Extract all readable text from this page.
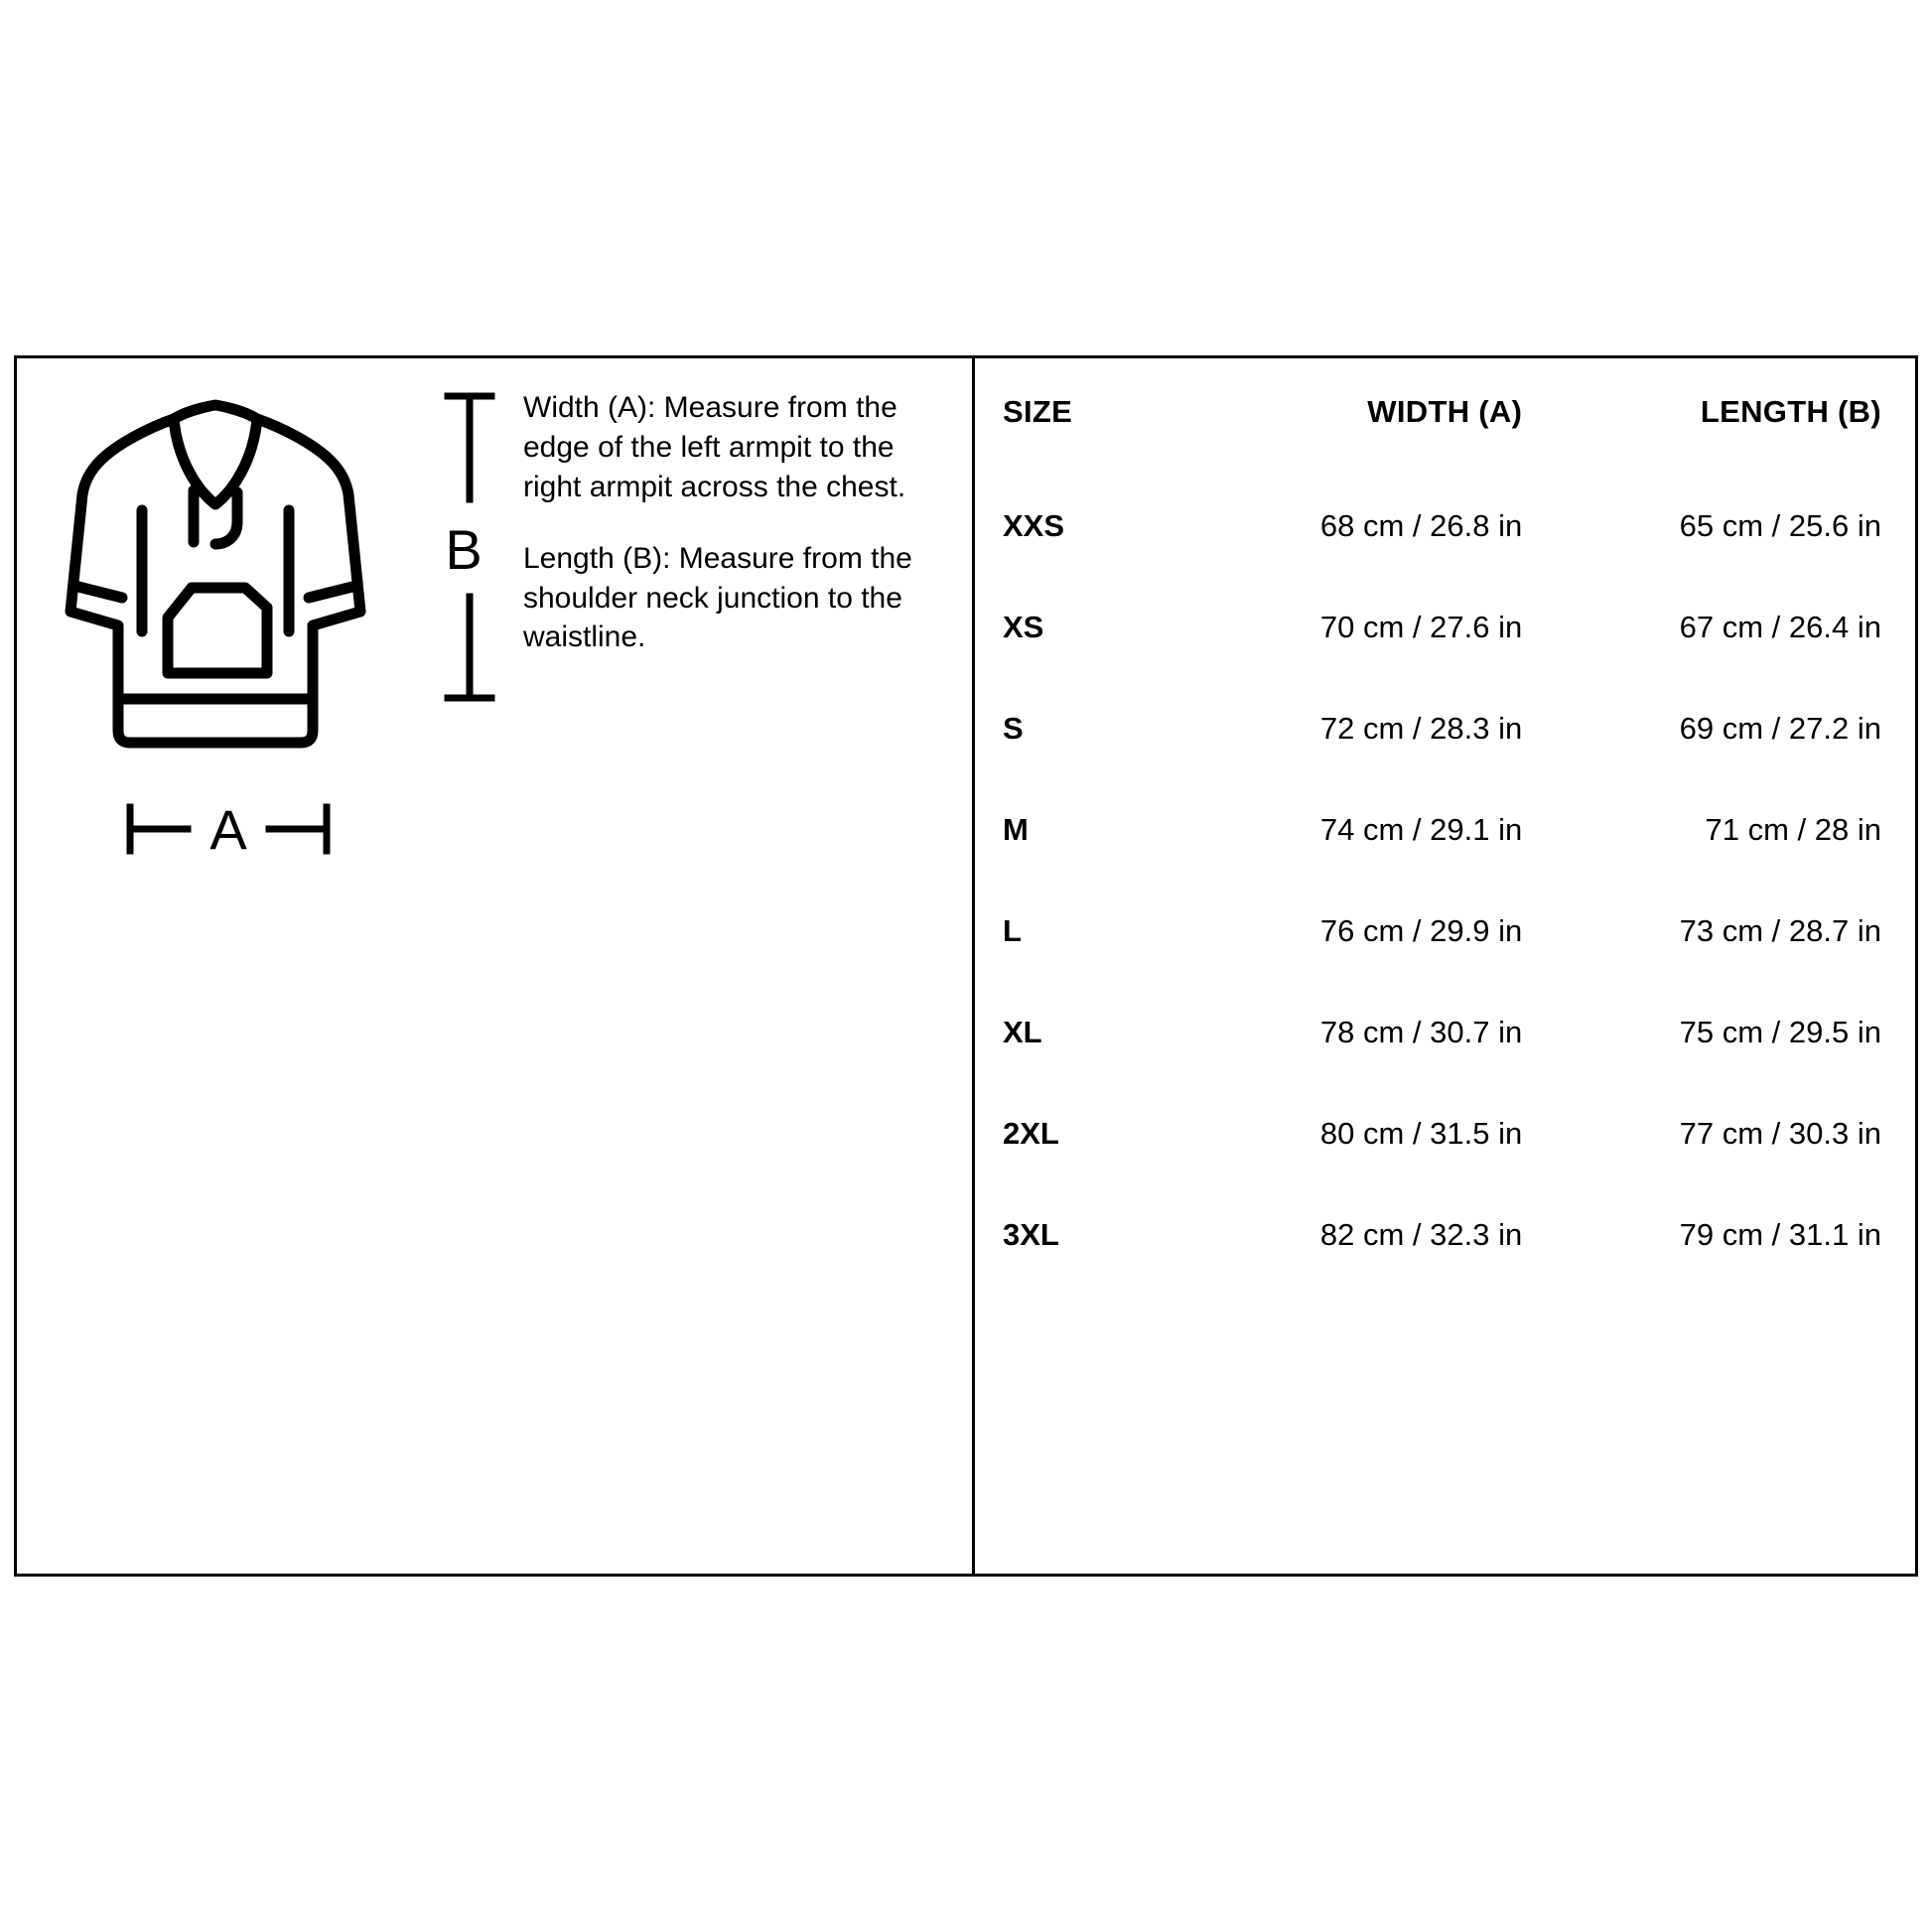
A
B

Width (A): Measure from the edge of the left armpit to the right armpit across the chest.

Length (B): Measure from the shoulder neck junction to the waistline.

SIZE	WIDTH (A)	LENGTH (B)
XXS	68 cm / 26.8 in	65 cm / 25.6 in
XS	70 cm / 27.6 in	67 cm / 26.4 in
S	72 cm / 28.3 in	69 cm / 27.2 in
M	74 cm / 29.1 in	71 cm / 28 in
L	76 cm / 29.9 in	73 cm / 28.7 in
XL	78 cm / 30.7 in	75 cm / 29.5 in
2XL	80 cm / 31.5 in	77 cm / 30.3 in
3XL	82 cm / 32.3 in	79 cm / 31.1 in
